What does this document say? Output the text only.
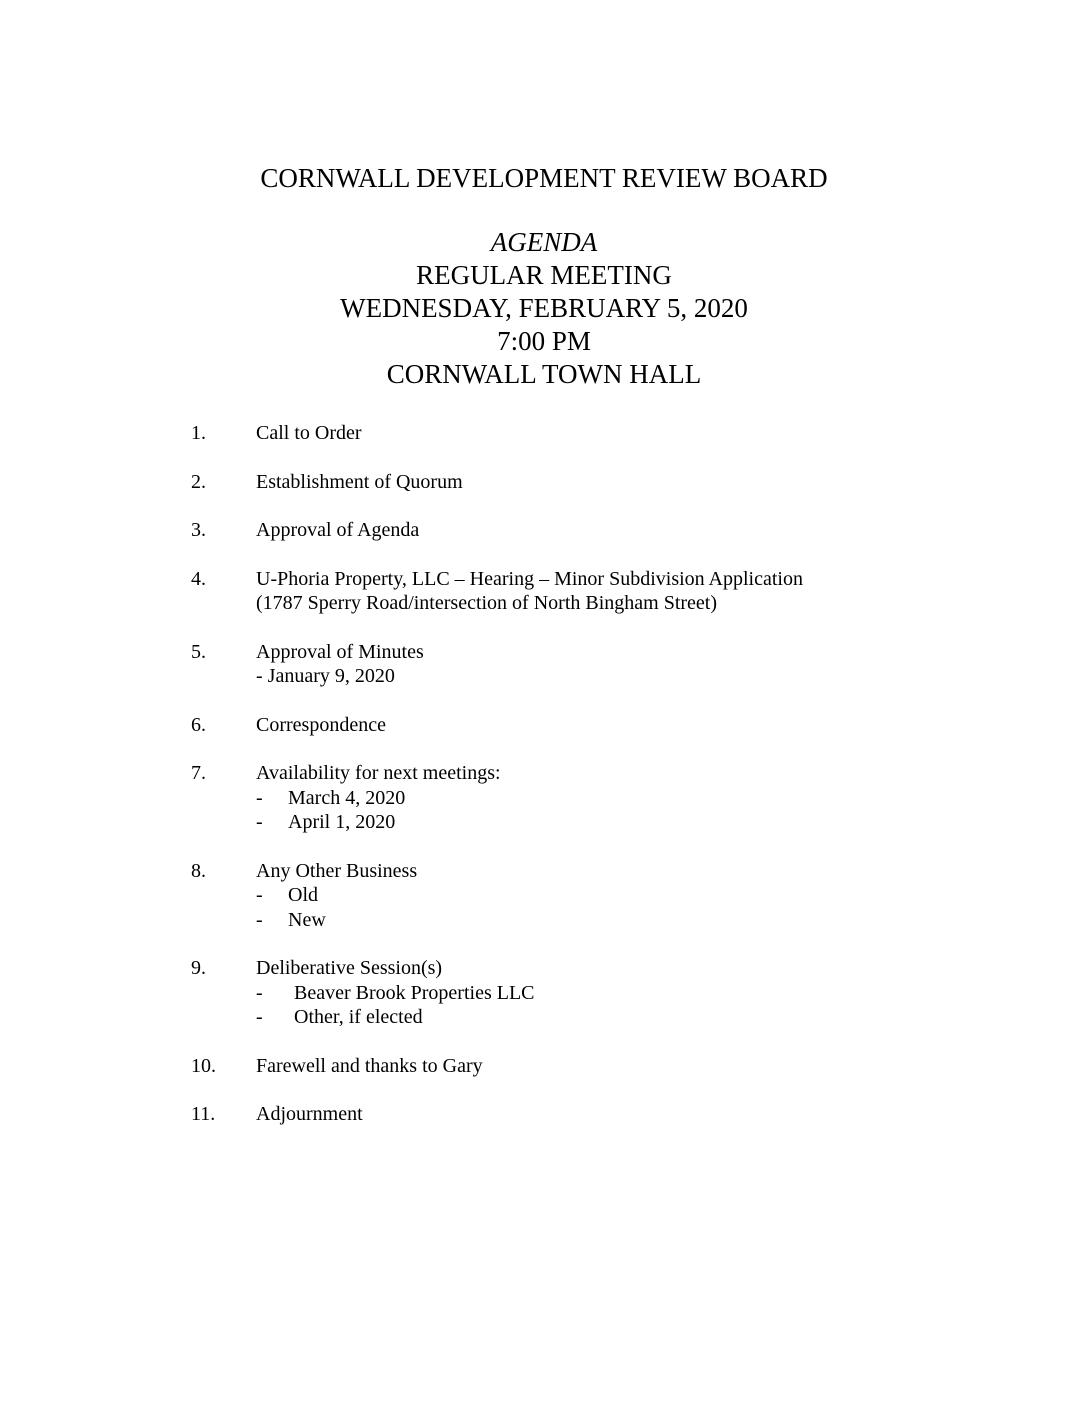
CORNWALL DEVELOPMENT REVIEW BOARD
AGENDA
REGULAR MEETING
WEDNESDAY, FEBRUARY 5, 2020
7:00 PM
CORNWALL TOWN HALL
1.	Call to Order
2.	Establishment of Quorum
3.	Approval of Agenda
4.	U-Phoria Property, LLC – Hearing – Minor Subdivision Application
(1787 Sperry Road/intersection of North Bingham Street)
5.	Approval of Minutes
- January 9, 2020
6.	Correspondence
7.	Availability for next meetings:
- March 4, 2020
- April 1, 2020
8.	Any Other Business
- Old
- New
9.	Deliberative Session(s)
- Beaver Brook Properties LLC
- Other, if elected
10. Farewell and thanks to Gary
11. Adjournment
